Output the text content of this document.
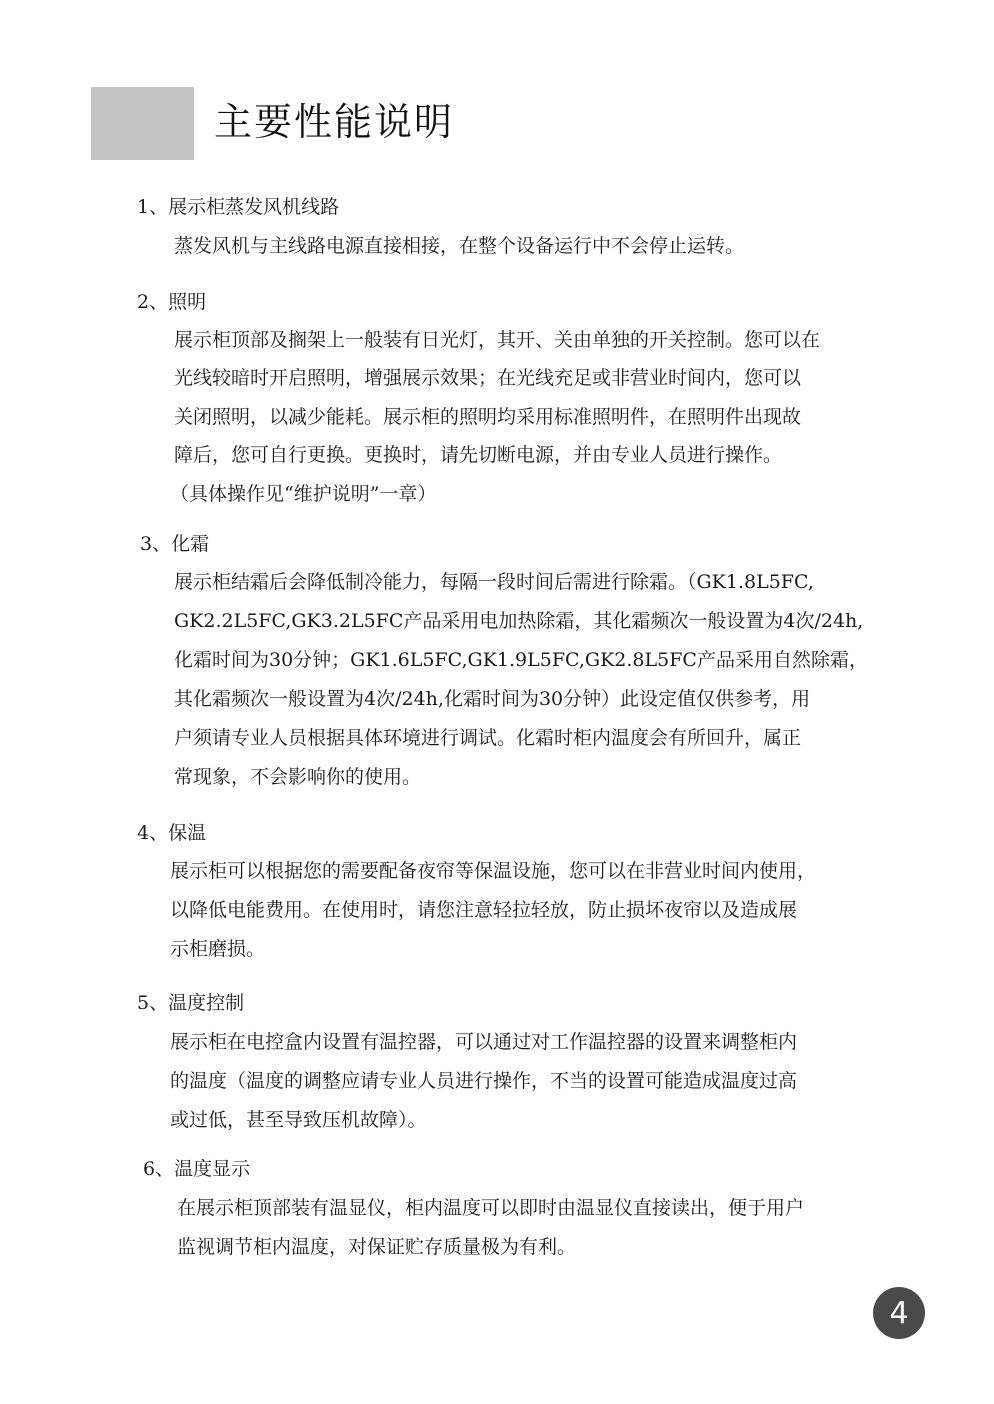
主要性能说明

1、展示柜蒸发风机线路

蒸发风机与主线路电源直接相接，在整个设备运行中不会停止运转。

2、照明

展示柜顶部及搁架上一般装有日光灯，其开、关由单独的开关控制。您可以在

光线较暗时开启照明，增强展示效果；在光线充足或非营业时间内，您可以

关闭照明，以减少能耗。展示柜的照明均采用标准照明件，在照明件出现故

障后，您可自行更换。更换时，请先切断电源，并由专业人员进行操作。

（具体操作见“维护说明”一章）

3、化霜

展示柜结霜后会降低制冷能力，每隔一段时间后需进行除霜。（GK1.8L5FC,

GK2.2L5FC,GK3.2L5FC产品采用电加热除霜，其化霜频次一般设置为4次/24h,

化霜时间为30分钟；GK1.6L5FC,GK1.9L5FC,GK2.8L5FC产品采用自然除霜，

其化霜频次一般设置为4次/24h,化霜时间为30分钟）此设定值仅供参考，用

户须请专业人员根据具体环境进行调试。化霜时柜内温度会有所回升，属正

常现象，不会影响你的使用。

4、保温

展示柜可以根据您的需要配备夜帘等保温设施，您可以在非营业时间内使用，

以降低电能费用。在使用时，请您注意轻拉轻放，防止损坏夜帘以及造成展

示柜磨损。

5、温度控制

展示柜在电控盒内设置有温控器，可以通过对工作温控器的设置来调整柜内

的温度（温度的调整应请专业人员进行操作，不当的设置可能造成温度过高

或过低，甚至导致压机故障）。

6、温度显示

在展示柜顶部装有温显仪，柜内温度可以即时由温显仪直接读出，便于用户

监视调节柜内温度，对保证贮存质量极为有利。

4
